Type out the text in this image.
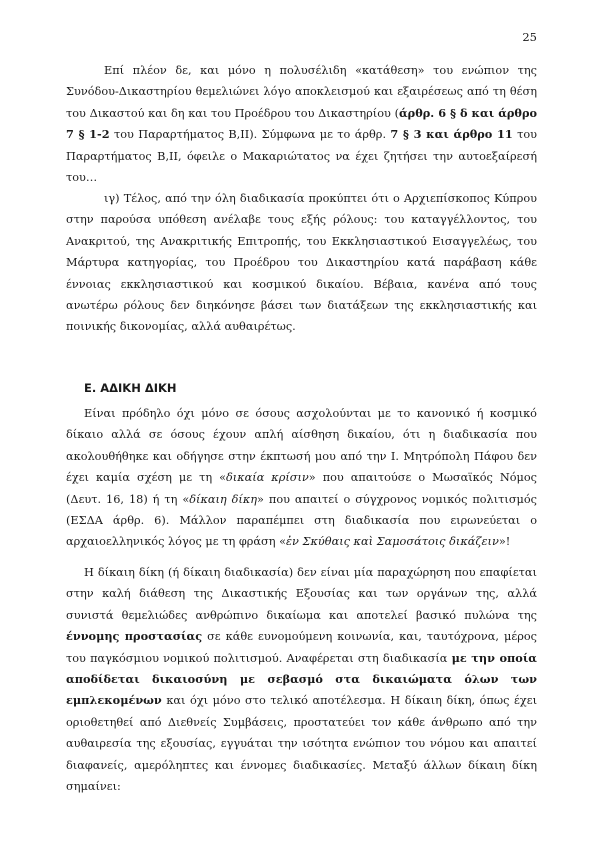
25

Επί πλέον δε, και μόνο η πολυσέλιδη «κατάθεση» του ενώπιον της Συνόδου-Δικαστηρίου θεμελιώνει λόγο αποκλεισμού και εξαιρέσεως από τη θέση του Δικαστού και δη και του Προέδρου του Δικαστηρίου (άρθρ. 6 § δ και άρθρο 7 § 1-2 του Παραρτήματος Β,ΙΙ). Σύμφωνα με το άρθρ. 7 § 3 και άρθρο 11 του Παραρτήματος Β,ΙΙ, όφειλε ο Μακαριώτατος να έχει ζητήσει την αυτοεξαίρεσή του…
ιγ) Τέλος, από την όλη διαδικασία προκύπτει ότι ο Αρχιεπίσκοπος Κύπρου στην παρούσα υπόθεση ανέλαβε τους εξής ρόλους: του καταγγέλλοντος, του Ανακριτού, της Ανακριτικής Επιτροπής, του Εκκλησιαστικού Εισαγγελέως, του Μάρτυρα κατηγορίας, του Προέδρου του Δικαστηρίου κατά παράβαση κάθε έννοιας εκκλησιαστικού και κοσμικού δικαίου. Βέβαια, κανένα από τους ανωτέρω ρόλους δεν διηκόνησε βάσει των διατάξεων της εκκλησιαστικής και ποινικής δικονομίας, αλλά αυθαιρέτως.

Ε. ΑΔΙΚΗ ΔΙΚΗ

Είναι πρόδηλο όχι μόνο σε όσους ασχολούνται με το κανονικό ή κοσμικό δίκαιο αλλά σε όσους έχουν απλή αίσθηση δικαίου, ότι η διαδικασία που ακολουθήθηκε και οδήγησε στην έκπτωσή μου από την Ι. Μητρόπολη Πάφου δεν έχει καμία σχέση με τη «δικαία κρίσιν» που απαιτούσε ο Μωσαϊκός Νόμος (Δευτ. 16, 18) ή τη «δίκαιη δίκη» που απαιτεί ο σύγχρονος νομικός πολιτισμός (ΕΣΔΑ άρθρ. 6). Μάλλον παραπέμπει στη διαδικασία που ειρωνεύεται ο αρχαιοελληνικός λόγος με τη φράση «ἐν Σκύθαις καὶ Σαμοσάτοις δικάζειν»!
Η δίκαιη δίκη (ή δίκαιη διαδικασία) δεν είναι μία παραχώρηση που επαφίεται στην καλή διάθεση της Δικαστικής Εξουσίας και των οργάνων της, αλλά συνιστά θεμελιώδες ανθρώπινο δικαίωμα και αποτελεί βασικό πυλώνα της έννομης προστασίας σε κάθε ευνομούμενη κοινωνία, και, ταυτόχρονα, μέρος του παγκόσμιου νομικού πολιτισμού. Αναφέρεται στη διαδικασία με την οποία αποδίδεται δικαιοσύνη με σεβασμό στα δικαιώματα όλων των εμπλεκομένων και όχι μόνο στο τελικό αποτέλεσμα. Η δίκαιη δίκη, όπως έχει οριοθετηθεί από Διεθνείς Συμβάσεις, προστατεύει τον κάθε άνθρωπο από την αυθαιρεσία της εξουσίας, εγγυάται την ισότητα ενώπιον του νόμου και απαιτεί διαφανείς, αμερόληπτες και έννομες διαδικασίες. Μεταξύ άλλων δίκαιη δίκη σημαίνει:
